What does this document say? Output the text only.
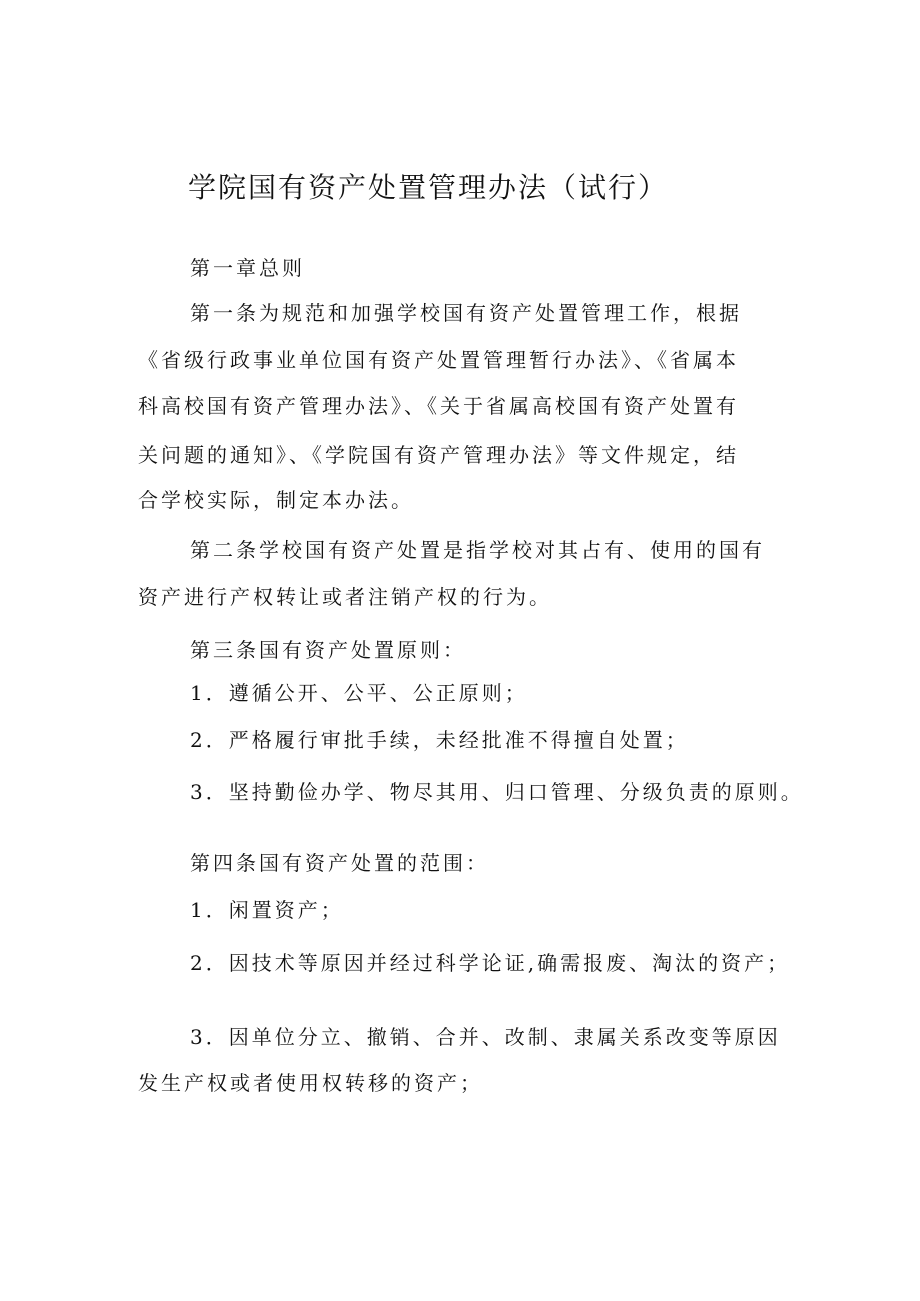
学院国有资产处置管理办法（试行）
第一章总则
第一条为规范和加强学校国有资产处置管理工作，根据
《省级行政事业单位国有资产处置管理暂行办法》、《省属本
科高校国有资产管理办法》、《关于省属高校国有资产处置有
关问题的通知》、《学院国有资产管理办法》等文件规定，结
合学校实际，制定本办法。
第二条学校国有资产处置是指学校对其占有、使用的国有
资产进行产权转让或者注销产权的行为。
第三条国有资产处置原则：
1．遵循公开、公平、公正原则；
2．严格履行审批手续，未经批准不得擅自处置；
3．坚持勤俭办学、物尽其用、归口管理、分级负责的原则。
第四条国有资产处置的范围：
1．闲置资产；
2．因技术等原因并经过科学论证,确需报废、淘汰的资产；
3．因单位分立、撤销、合并、改制、隶属关系改变等原因
发生产权或者使用权转移的资产；
